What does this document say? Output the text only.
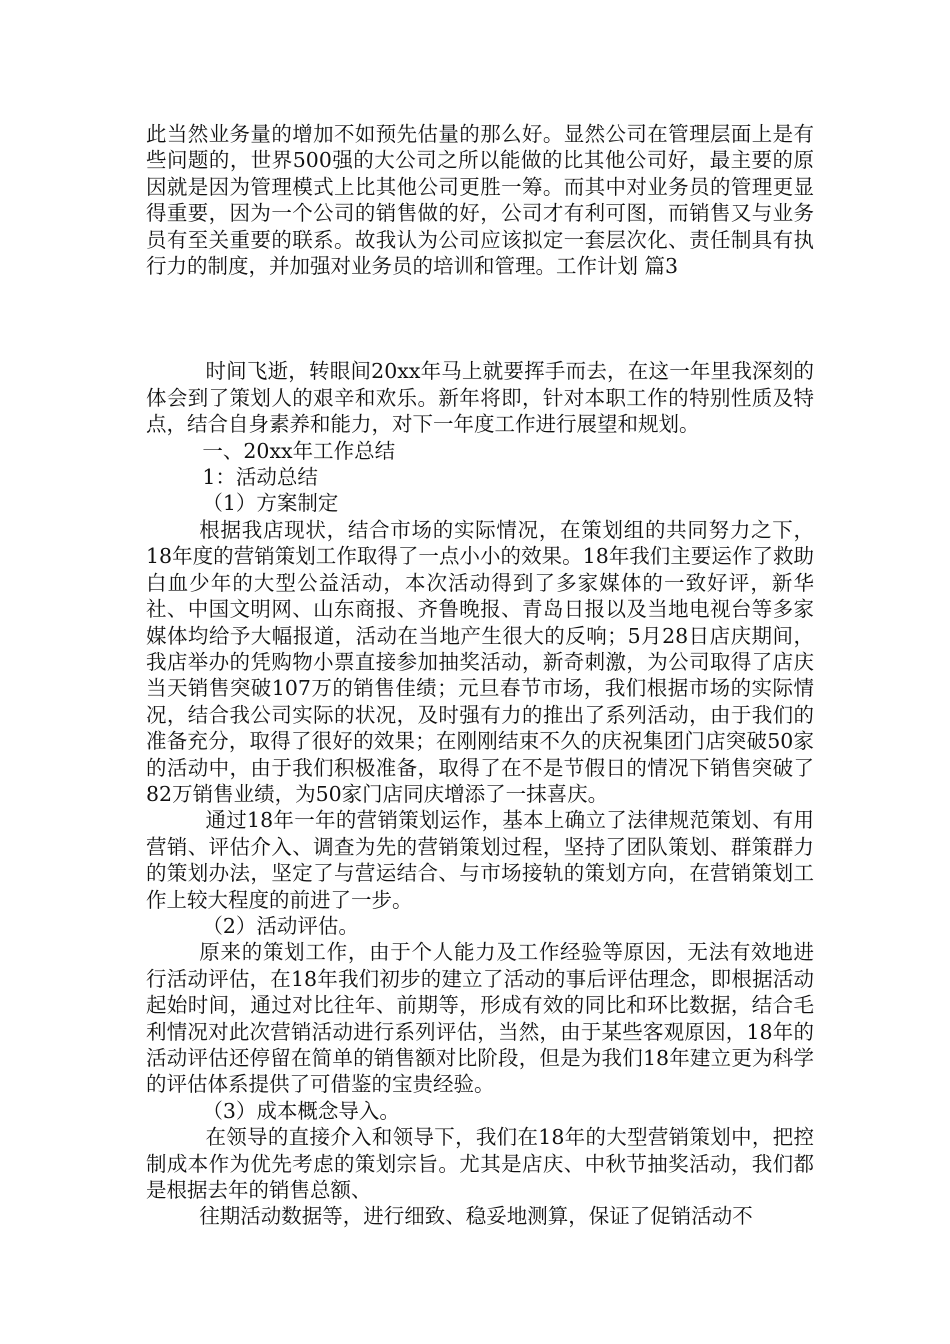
此当然业务量的增加不如预先估量的那么好。显然公司在管理层面上是有些问题的，世界500强的大公司之所以能做的比其他公司好，最主要的原因就是因为管理模式上比其他公司更胜一筹。而其中对业务员的管理更显得重要，因为一个公司的销售做的好，公司才有利可图，而销售又与业务员有至关重要的联系。故我认为公司应该拟定一套层次化、责任制具有执行力的制度，并加强对业务员的培训和管理。工作计划 篇3

时间飞逝，转眼间20xx年马上就要挥手而去，在这一年里我深刻的体会到了策划人的艰辛和欢乐。新年将即，针对本职工作的特别性质及特点，结合自身素养和能力，对下一年度工作进行展望和规划。

一、20xx年工作总结

1：活动总结

（1）方案制定

根据我店现状，结合市场的实际情况，在策划组的共同努力之下，18年度的营销策划工作取得了一点小小的效果。18年我们主要运作了救助白血少年的大型公益活动，本次活动得到了多家媒体的一致好评，新华社、中国文明网、山东商报、齐鲁晚报、青岛日报以及当地电视台等多家媒体均给予大幅报道，活动在当地产生很大的反响；5月28日店庆期间，我店举办的凭购物小票直接参加抽奖活动，新奇刺激，为公司取得了店庆当天销售突破107万的销售佳绩；元旦春节市场，我们根据市场的实际情况，结合我公司实际的状况，及时强有力的推出了系列活动，由于我们的准备充分，取得了很好的效果；在刚刚结束不久的庆祝集团门店突破50家的活动中，由于我们积极准备，取得了在不是节假日的情况下销售突破了82万销售业绩，为50家门店同庆增添了一抹喜庆。

通过18年一年的营销策划运作，基本上确立了法律规范策划、有用营销、评估介入、调查为先的营销策划过程，坚持了团队策划、群策群力的策划办法，坚定了与营运结合、与市场接轨的策划方向，在营销策划工作上较大程度的前进了一步。

（2）活动评估。

原来的策划工作，由于个人能力及工作经验等原因，无法有效地进行活动评估，在18年我们初步的建立了活动的事后评估理念，即根据活动起始时间，通过对比往年、前期等，形成有效的同比和环比数据，结合毛利情况对此次营销活动进行系列评估，当然，由于某些客观原因，18年的活动评估还停留在简单的销售额对比阶段，但是为我们18年建立更为科学的评估体系提供了可借鉴的宝贵经验。

（3）成本概念导入。

在领导的直接介入和领导下，我们在18年的大型营销策划中，把控制成本作为优先考虑的策划宗旨。尤其是店庆、中秋节抽奖活动，我们都是根据去年的销售总额、

往期活动数据等，进行细致、稳妥地测算，保证了促销活动不
